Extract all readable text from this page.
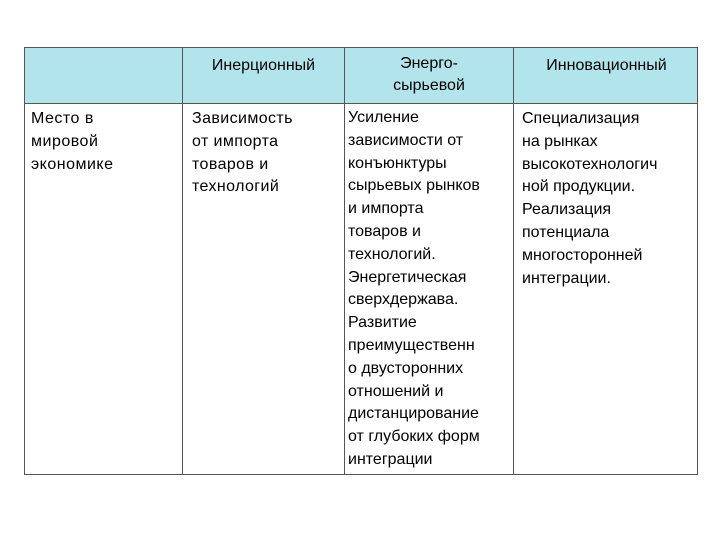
Инерционный	Энерго-
сырьевой
Инновационный
Место в
мировой
экономике
Зависимость
от импорта
товаров и
технологий
Усиление
зависимости от
конъюнктуры
сырьевых рынков
и импорта
товаров и
технологий.
Энергетическая
сверхдержава.
Развитие
преимущественн
о двусторонних
отношений и
дистанцирование
от глубоких форм
интеграции
Специализация
на рынках
высокотехнологич
ной продукции.
Реализация
потенциала
многосторонней
интеграции.
